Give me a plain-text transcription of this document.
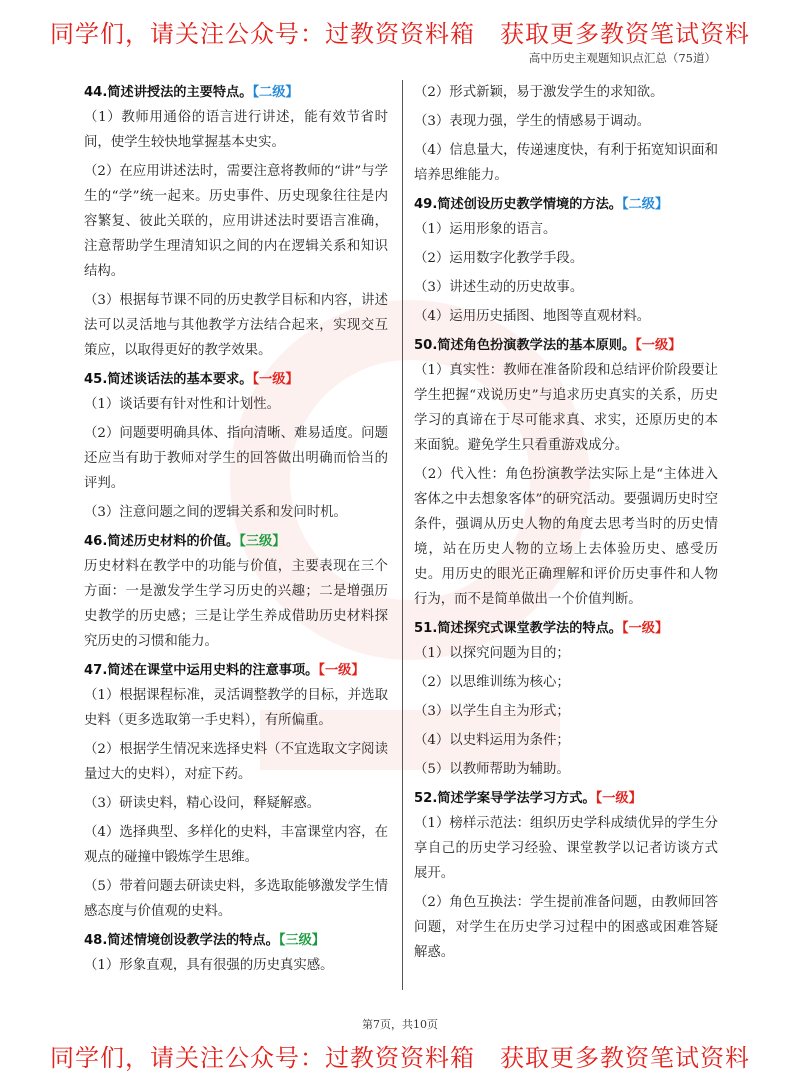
同学们，请关注公众号：过教资资料箱　获取更多教资笔试资料
高中历史主观题知识点汇总（75道）

44.简述讲授法的主要特点。【二级】

（1）教师用通俗的语言进行讲述，能有效节省时间，使学生较快地掌握基本史实。

（2）在应用讲述法时，需要注意将教师的“讲”与学生的“学”统一起来。历史事件、历史现象往往是内容繁复、彼此关联的，应用讲述法时要语言准确，注意帮助学生理清知识之间的内在逻辑关系和知识结构。

（3）根据每节课不同的历史教学目标和内容，讲述法可以灵活地与其他教学方法结合起来，实现交互策应，以取得更好的教学效果。

45.简述谈话法的基本要求。【一级】

（1）谈话要有针对性和计划性。

（2）问题要明确具体、指向清晰、难易适度。问题还应当有助于教师对学生的回答做出明确而恰当的评判。

（3）注意问题之间的逻辑关系和发问时机。

46.简述历史材料的价值。【三级】

历史材料在教学中的功能与价值，主要表现在三个方面：一是激发学生学习历史的兴趣；二是增强历史教学的历史感；三是让学生养成借助历史材料探究历史的习惯和能力。

47.简述在课堂中运用史料的注意事项。【一级】

（1）根据课程标准，灵活调整教学的目标，并选取史料（更多选取第一手史料），有所偏重。

（2）根据学生情况来选择史料（不宜选取文字阅读量过大的史料），对症下药。

（3）研读史料，精心设问，释疑解惑。

（4）选择典型、多样化的史料，丰富课堂内容，在观点的碰撞中锻炼学生思维。

（5）带着问题去研读史料，多选取能够激发学生情感态度与价值观的史料。

48.简述情境创设教学法的特点。【三级】

（1）形象直观，具有很强的历史真实感。

（2）形式新颖，易于激发学生的求知欲。

（3）表现力强，学生的情感易于调动。

（4）信息量大，传递速度快，有利于拓宽知识面和培养思维能力。

49.简述创设历史教学情境的方法。【二级】

（1）运用形象的语言。

（2）运用数字化教学手段。

（3）讲述生动的历史故事。

（4）运用历史插图、地图等直观材料。

50.简述角色扮演教学法的基本原则。【一级】

（1）真实性：教师在准备阶段和总结评价阶段要让学生把握“戏说历史”与追求历史真实的关系，历史学习的真谛在于尽可能求真、求实，还原历史的本来面貌。避免学生只看重游戏成分。

（2）代入性：角色扮演教学法实际上是“主体进入客体之中去想象客体”的研究活动。要强调历史时空条件，强调从历史人物的角度去思考当时的历史情境，站在历史人物的立场上去体验历史、感受历史。用历史的眼光正确理解和评价历史事件和人物行为，而不是简单做出一个价值判断。

51.简述探究式课堂教学法的特点。【一级】

（1）以探究问题为目的；

（2）以思维训练为核心；

（3）以学生自主为形式；

（4）以史料运用为条件；

（5）以教师帮助为辅助。

52.简述学案导学法学习方式。【一级】

（1）榜样示范法：组织历史学科成绩优异的学生分享自己的历史学习经验、课堂教学以记者访谈方式展开。

（2）角色互换法：学生提前准备问题，由教师回答问题，对学生在历史学习过程中的困惑或困难答疑解惑。

第7页，共10页
同学们，请关注公众号：过教资资料箱　获取更多教资笔试资料
